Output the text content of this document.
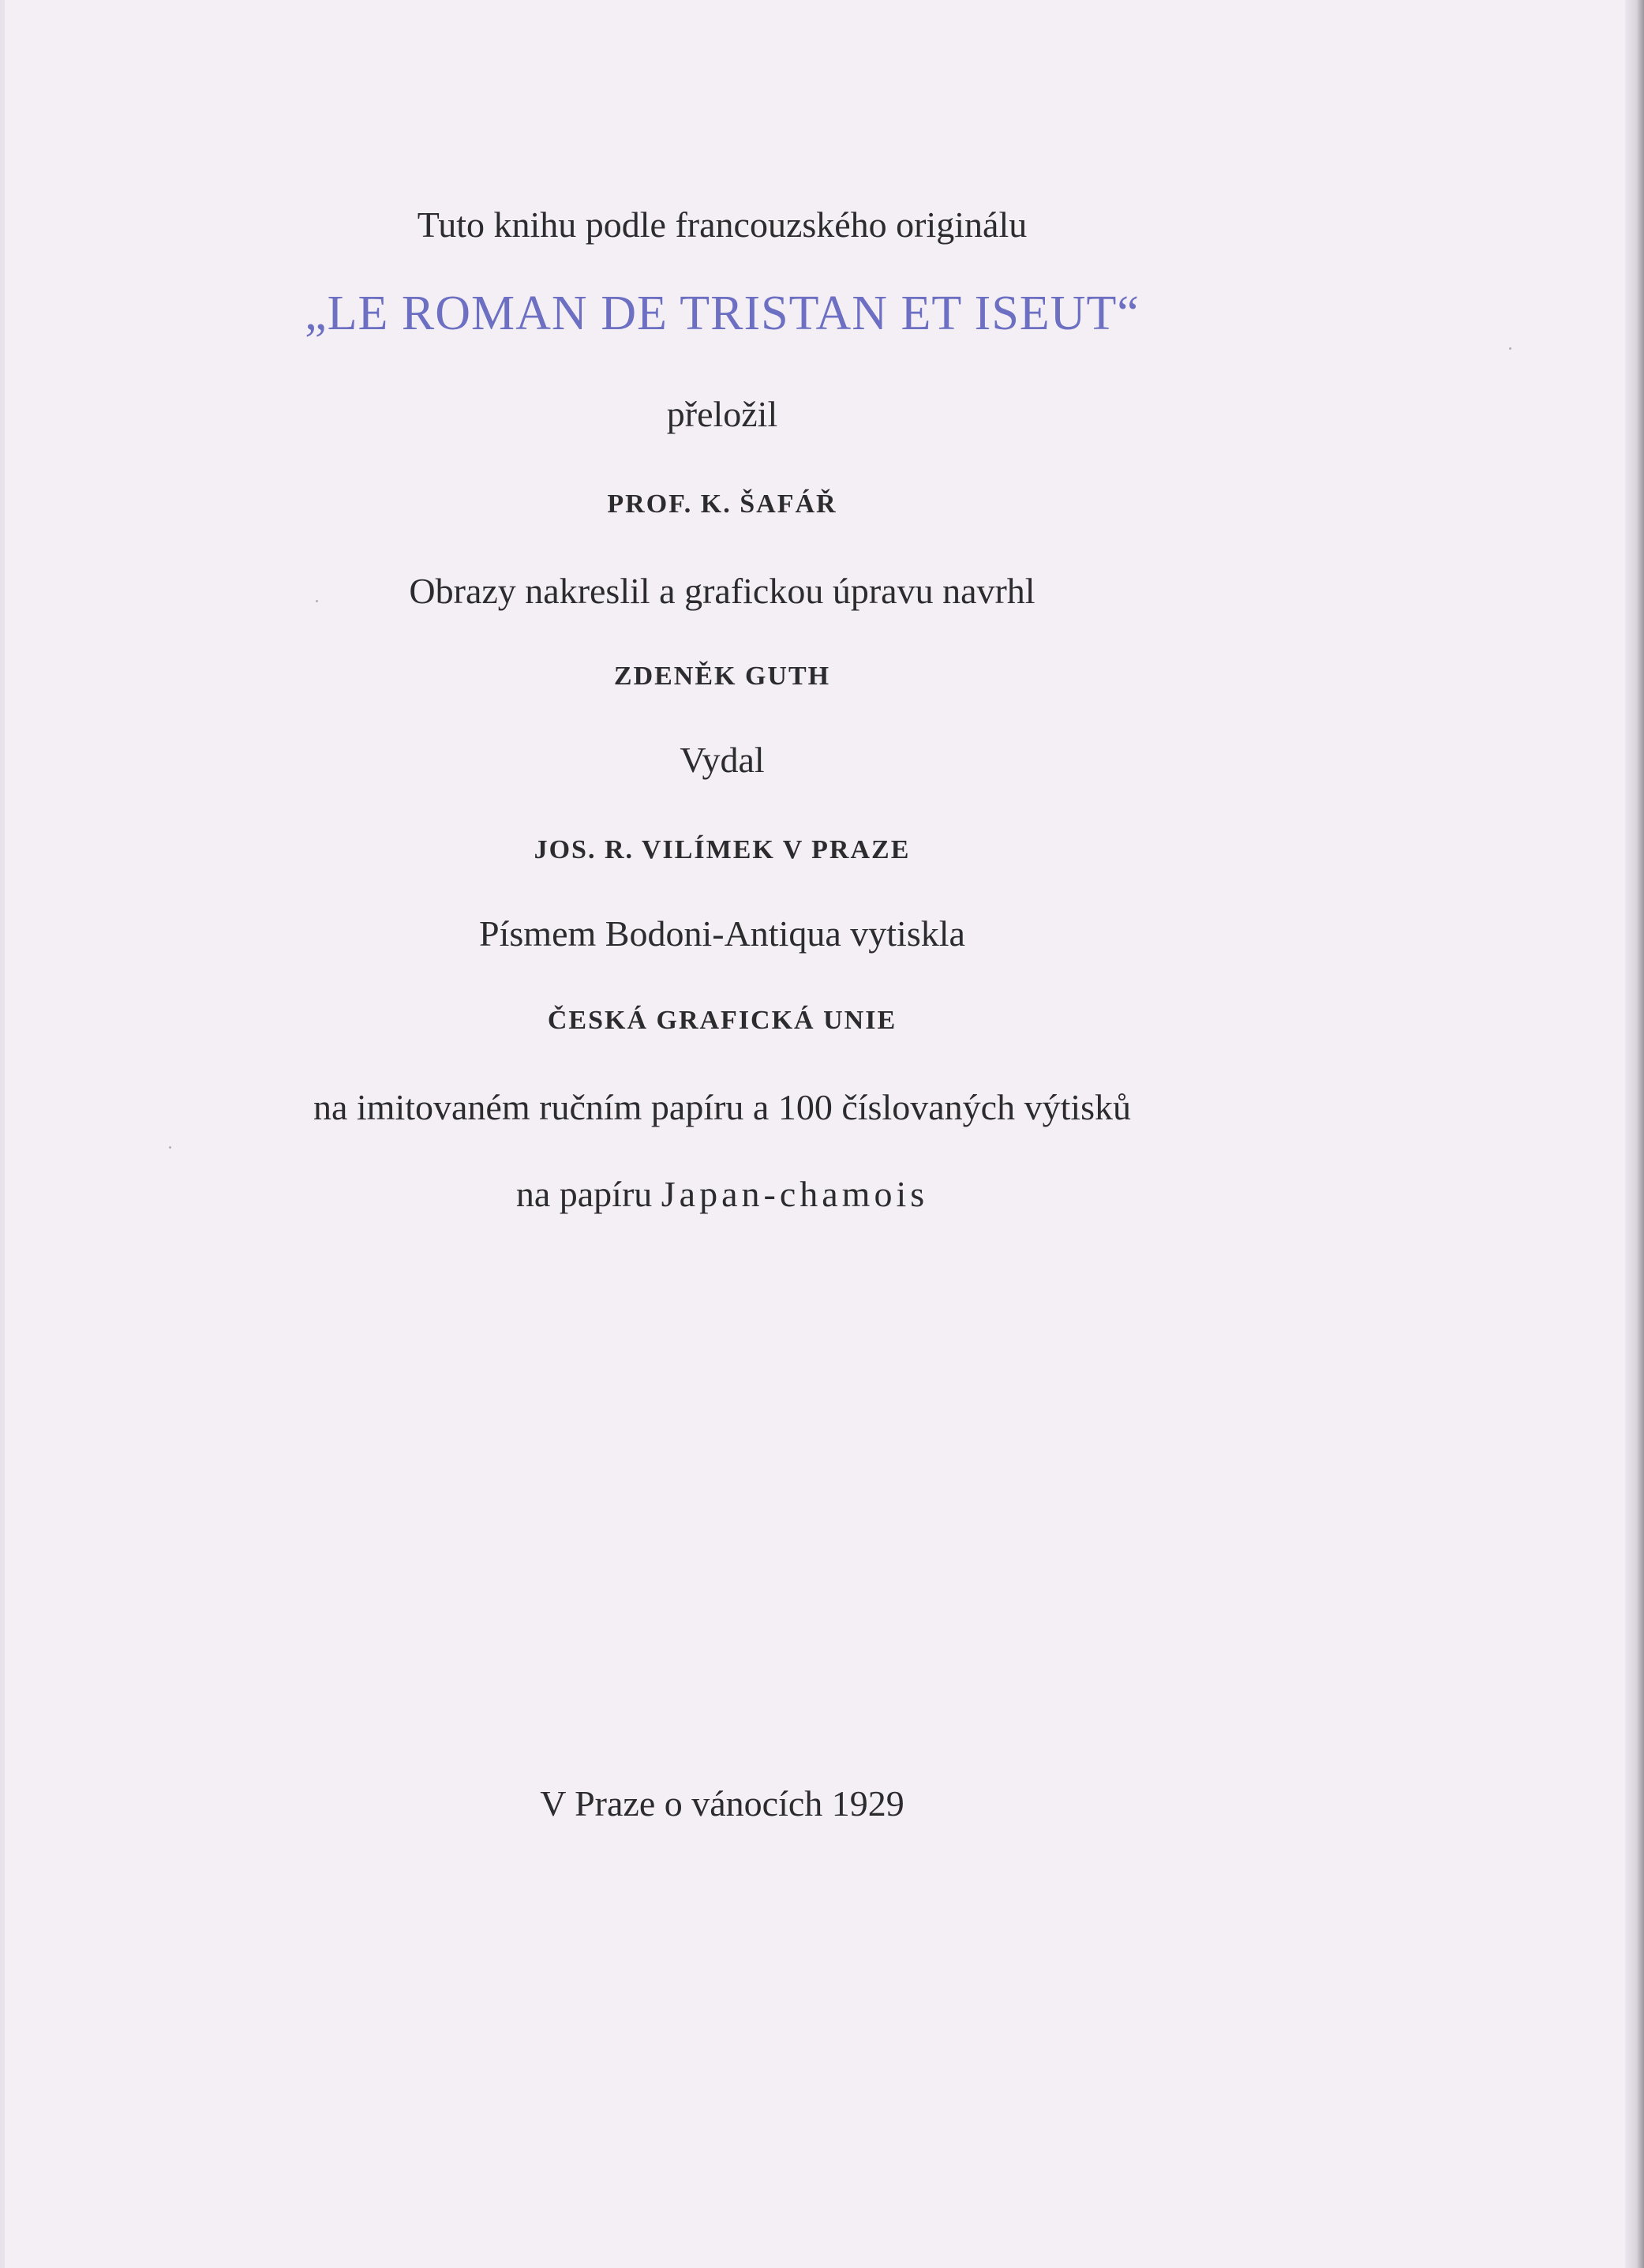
Tuto knihu podle francouzského originálu
„LE ROMAN DE TRISTAN ET ISEUT“
přeložil
PROF. K. ŠAFÁŘ
Obrazy nakreslil a grafickou úpravu navrhl
ZDENĚK GUTH
Vydal
JOS. R. VILÍMEK V PRAZE
Písmem Bodoni-Antiqua vytiskla
ČESKÁ GRAFICKÁ UNIE
na imitovaném ručním papíru a 100 číslovaných výtisků
na papíru Japan-chamois
V Praze o vánocích 1929
